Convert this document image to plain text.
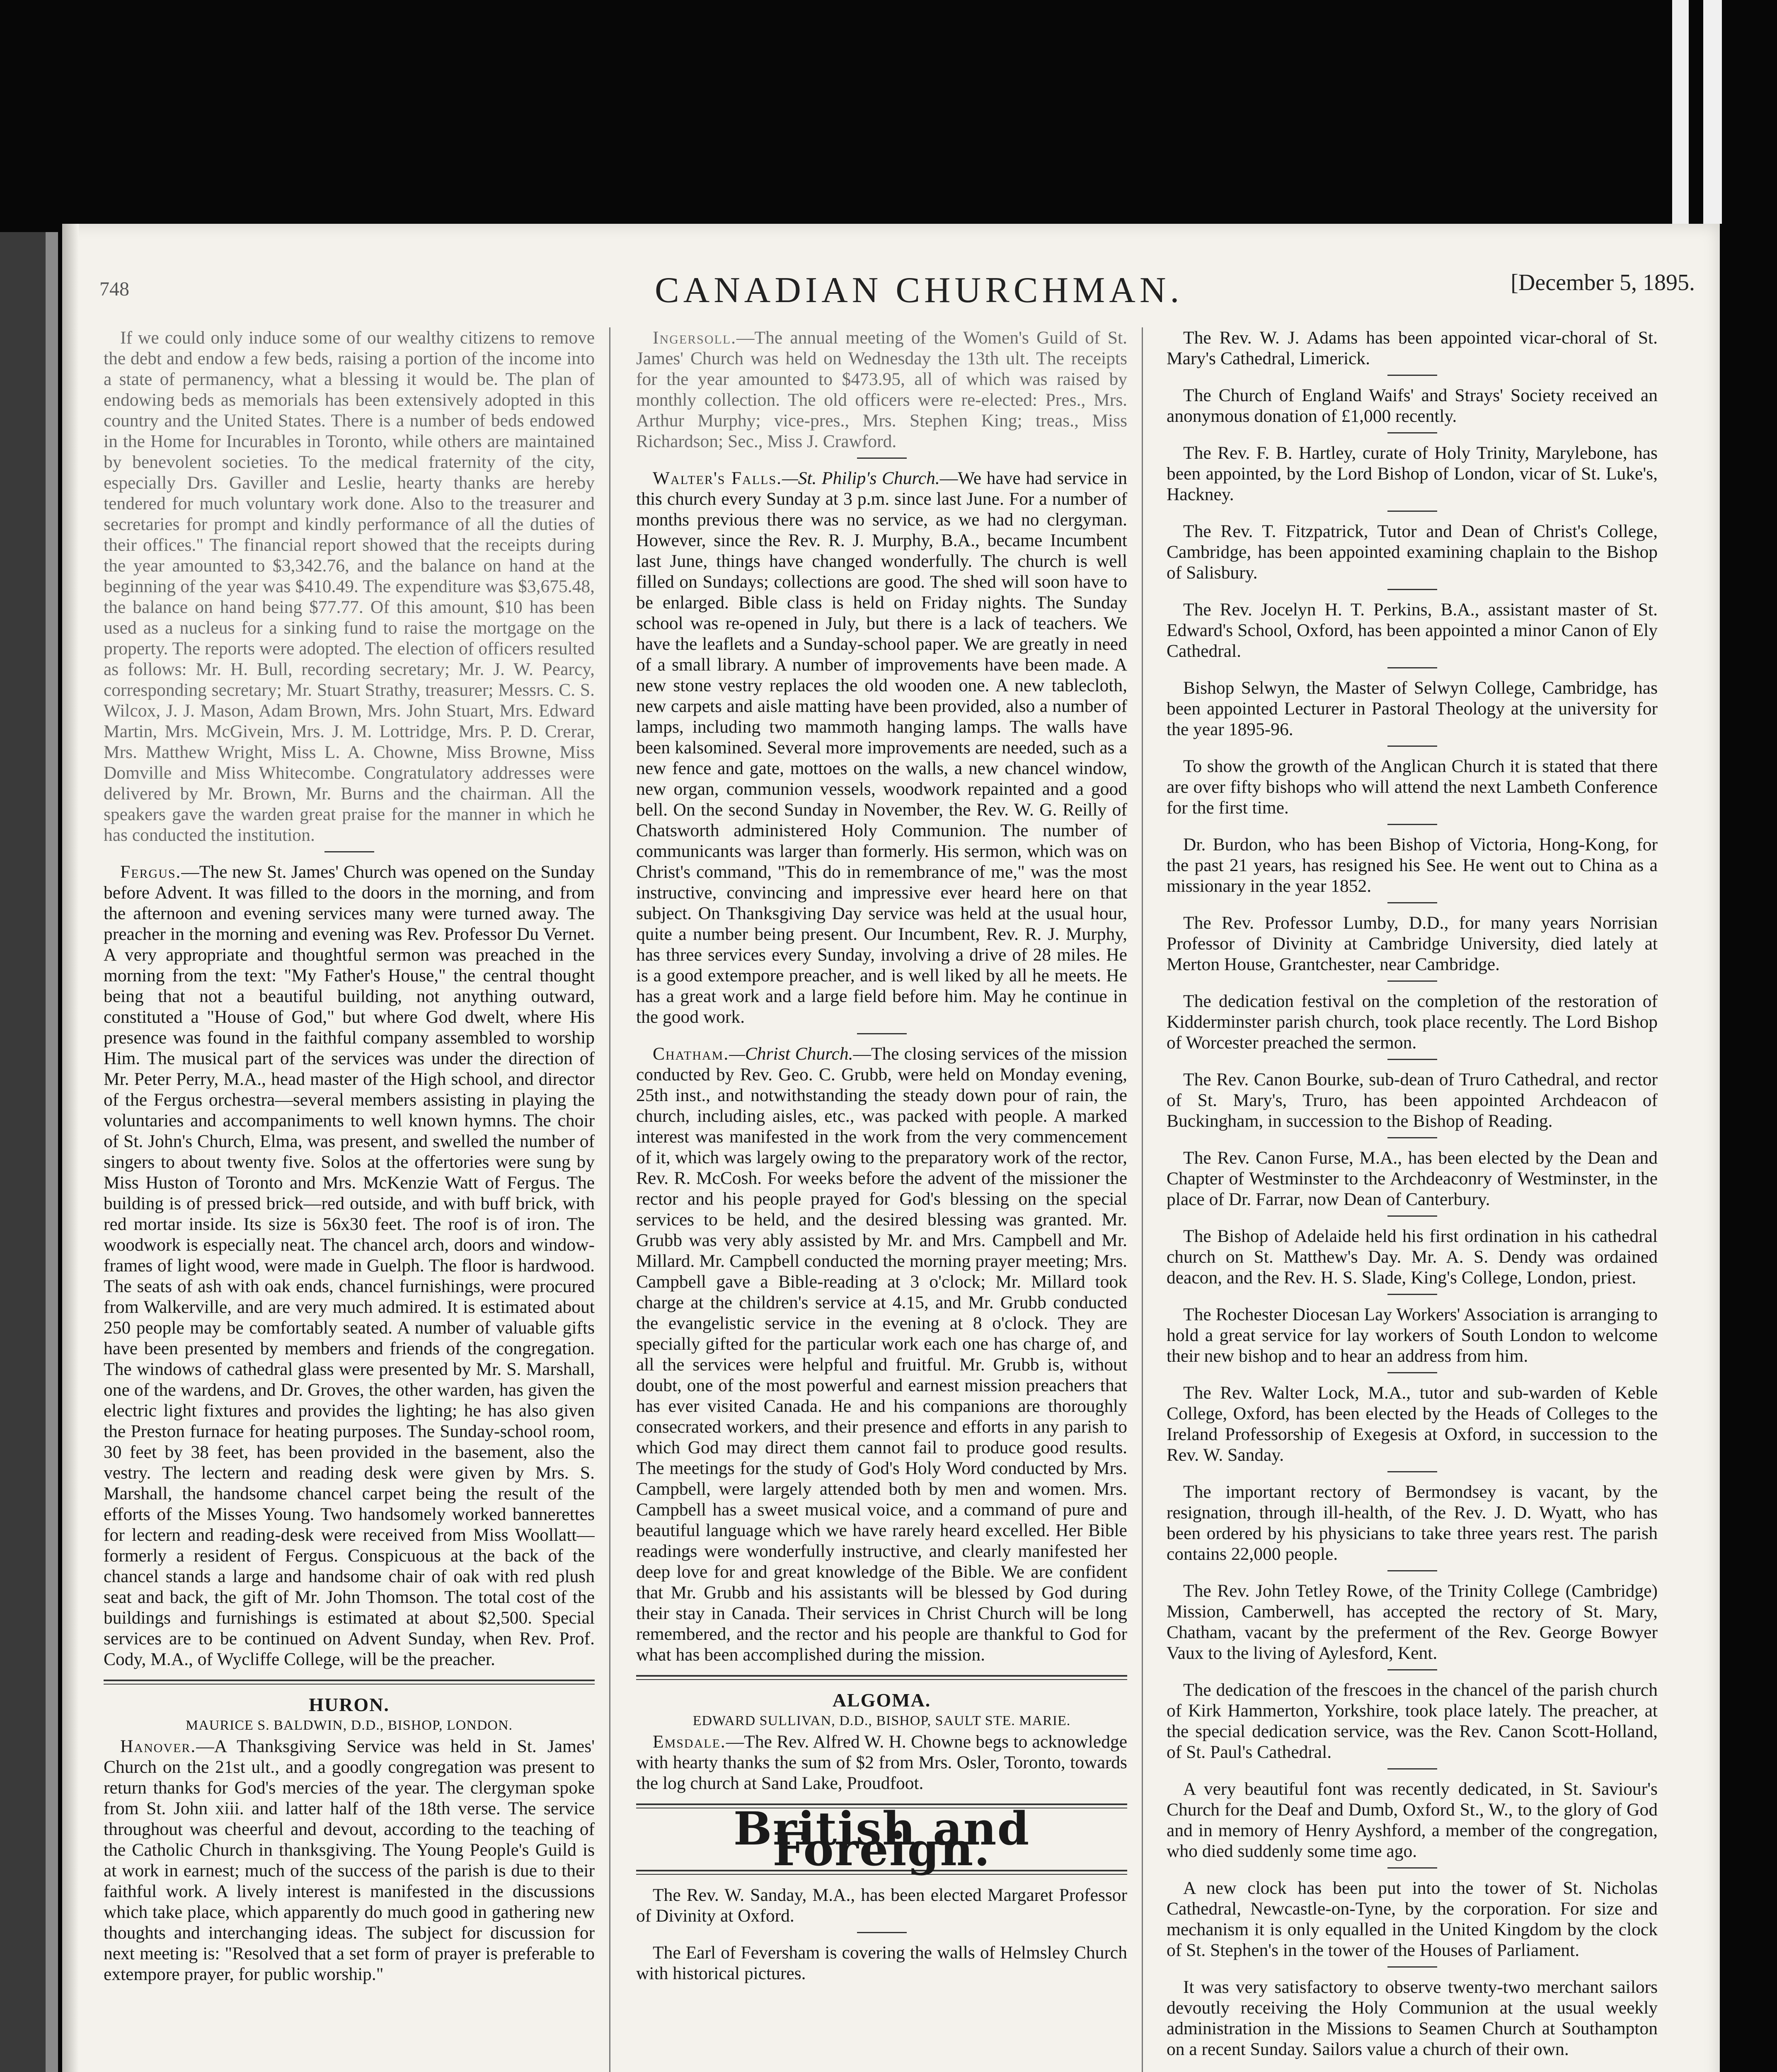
748	CANADIAN CHURCHMAN.	[December 5, 1895.

If we could only induce some of our wealthy citizens to remove the debt and endow a few beds, raising a portion of the income into a state of permanency, what a blessing it would be. The plan of endowing beds as memorials has been extensively adopted in this country and the United States. There is a number of beds endowed in the Home for Incurables in Toronto, while others are maintained by benevolent societies. To the medical fraternity of the city, especially Drs. Gaviller and Leslie, hearty thanks are hereby tendered for much voluntary work done. Also to the treasurer and secretaries for prompt and kindly performance of all the duties of their offices." The financial report showed that the receipts during the year amounted to $3,342.76, and the balance on hand at the beginning of the year was $410.49. The expenditure was $3,675.48, the balance on hand being $77.77. Of this amount, $10 has been used as a nucleus for a sinking fund to raise the mortgage on the property. The reports were adopted. The election of officers resulted as follows: Mr. H. Bull, recording secretary; Mr. J. W. Pearcy, corresponding secretary; Mr. Stuart Strathy, treasurer; Messrs. C. S. Wilcox, J. J. Mason, Adam Brown, Mrs. John Stuart, Mrs. Edward Martin, Mrs. McGivein, Mrs. J. M. Lottridge, Mrs. P. D. Crerar, Mrs. Matthew Wright, Miss L. A. Chowne, Miss Browne, Miss Domville and Miss Whitecombe. Congratulatory addresses were delivered by Mr. Brown, Mr. Burns and the chairman. All the speakers gave the warden great praise for the manner in which he has conducted the institution.

Fergus.—The new St. James' Church was opened on the Sunday before Advent. It was filled to the doors in the morning, and from the afternoon and evening services many were turned away. The preacher in the morning and evening was Rev. Professor Du Vernet. A very appropriate and thoughtful sermon was preached in the morning from the text: "My Father's House," the central thought being that not a beautiful building, not anything outward, constituted a "House of God," but where God dwelt, where His presence was found in the faithful company assembled to worship Him. The musical part of the services was under the direction of Mr. Peter Perry, M.A., head master of the High school, and director of the Fergus orchestra—several members assisting in playing the voluntaries and accompaniments to well known hymns. The choir of St. John's Church, Elma, was present, and swelled the number of singers to about twenty five. Solos at the offertories were sung by Miss Huston of Toronto and Mrs. McKenzie Watt of Fergus. The building is of pressed brick—red outside, and with buff brick, with red mortar inside. Its size is 56x30 feet. The roof is of iron. The woodwork is especially neat. The chancel arch, doors and window-frames of light wood, were made in Guelph. The floor is hardwood. The seats of ash with oak ends, chancel furnishings, were procured from Walkerville, and are very much admired. It is estimated about 250 people may be comfortably seated. A number of valuable gifts have been presented by members and friends of the congregation. The windows of cathedral glass were presented by Mr. S. Marshall, one of the wardens, and Dr. Groves, the other warden, has given the electric light fixtures and provides the lighting; he has also given the Preston furnace for heating purposes. The Sunday-school room, 30 feet by 38 feet, has been provided in the basement, also the vestry. The lectern and reading desk were given by Mrs. S. Marshall, the handsome chancel carpet being the result of the efforts of the Misses Young. Two handsomely worked bannerettes for lectern and reading-desk were received from Miss Woollatt—formerly a resident of Fergus. Conspicuous at the back of the chancel stands a large and handsome chair of oak with red plush seat and back, the gift of Mr. John Thomson. The total cost of the buildings and furnishings is estimated at about $2,500. Special services are to be continued on Advent Sunday, when Rev. Prof. Cody, M.A., of Wycliffe College, will be the preacher.

HURON.

MAURICE S. BALDWIN, D.D., BISHOP, LONDON.

Hanover.—A Thanksgiving Service was held in St. James' Church on the 21st ult., and a goodly congregation was present to return thanks for God's mercies of the year. The clergyman spoke from St. John xiii. and latter half of the 18th verse. The service throughout was cheerful and devout, according to the teaching of the Catholic Church in thanksgiving. The Young People's Guild is at work in earnest; much of the success of the parish is due to their faithful work. A lively interest is manifested in the discussions which take place, which apparently do much good in gathering new thoughts and interchanging ideas. The subject for discussion for next meeting is: "Resolved that a set form of prayer is preferable to extempore prayer, for public worship."

Ingersoll.—The annual meeting of the Women's Guild of St. James' Church was held on Wednesday the 13th ult. The receipts for the year amounted to $473.95, all of which was raised by monthly collection. The old officers were re-elected: Pres., Mrs. Arthur Murphy; vice-pres., Mrs. Stephen King; treas., Miss Richardson; Sec., Miss J. Crawford.

Walter's Falls.—St. Philip's Church.—We have had service in this church every Sunday at 3 p.m. since last June. For a number of months previous there was no service, as we had no clergyman. However, since the Rev. R. J. Murphy, B.A., became Incumbent last June, things have changed wonderfully. The church is well filled on Sundays; collections are good. The shed will soon have to be enlarged. Bible class is held on Friday nights. The Sunday school was re-opened in July, but there is a lack of teachers. We have the leaflets and a Sunday-school paper. We are greatly in need of a small library. A number of improvements have been made. A new stone vestry replaces the old wooden one. A new tablecloth, new carpets and aisle matting have been provided, also a number of lamps, including two mammoth hanging lamps. The walls have been kalsomined. Several more improvements are needed, such as a new fence and gate, mottoes on the walls, a new chancel window, new organ, communion vessels, woodwork repainted and a good bell. On the second Sunday in November, the Rev. W. G. Reilly of Chatsworth administered Holy Communion. The number of communicants was larger than formerly. His sermon, which was on Christ's command, "This do in remembrance of me," was the most instructive, convincing and impressive ever heard here on that subject. On Thanksgiving Day service was held at the usual hour, quite a number being present. Our Incumbent, Rev. R. J. Murphy, has three services every Sunday, involving a drive of 28 miles. He is a good extempore preacher, and is well liked by all he meets. He has a great work and a large field before him. May he continue in the good work.

Chatham.—Christ Church.—The closing services of the mission conducted by Rev. Geo. C. Grubb, were held on Monday evening, 25th inst., and notwithstanding the steady down pour of rain, the church, including aisles, etc., was packed with people. A marked interest was manifested in the work from the very commencement of it, which was largely owing to the preparatory work of the rector, Rev. R. McCosh. For weeks before the advent of the missioner the rector and his people prayed for God's blessing on the special services to be held, and the desired blessing was granted. Mr. Grubb was very ably assisted by Mr. and Mrs. Campbell and Mr. Millard. Mr. Campbell conducted the morning prayer meeting; Mrs. Campbell gave a Bible-reading at 3 o'clock; Mr. Millard took charge at the children's service at 4.15, and Mr. Grubb conducted the evangelistic service in the evening at 8 o'clock. They are specially gifted for the particular work each one has charge of, and all the services were helpful and fruitful. Mr. Grubb is, without doubt, one of the most powerful and earnest mission preachers that has ever visited Canada. He and his companions are thoroughly consecrated workers, and their presence and efforts in any parish to which God may direct them cannot fail to produce good results. The meetings for the study of God's Holy Word conducted by Mrs. Campbell, were largely attended both by men and women. Mrs. Campbell has a sweet musical voice, and a command of pure and beautiful language which we have rarely heard excelled. Her Bible readings were wonderfully instructive, and clearly manifested her deep love for and great knowledge of the Bible. We are confident that Mr. Grubb and his assistants will be blessed by God during their stay in Canada. Their services in Christ Church will be long remembered, and the rector and his people are thankful to God for what has been accomplished during the mission.

ALGOMA.

EDWARD SULLIVAN, D.D., BISHOP, SAULT STE. MARIE.

Emsdale.—The Rev. Alfred W. H. Chowne begs to acknowledge with hearty thanks the sum of $2 from Mrs. Osler, Toronto, towards the log church at Sand Lake, Proudfoot.

British and Foreign.

The Rev. W. Sanday, M.A., has been elected Margaret Professor of Divinity at Oxford.

The Earl of Feversham is covering the walls of Helmsley Church with historical pictures.

The Rev. W. J. Adams has been appointed vicar-choral of St. Mary's Cathedral, Limerick.

The Church of England Waifs' and Strays' Society received an anonymous donation of £1,000 recently.

The Rev. F. B. Hartley, curate of Holy Trinity, Marylebone, has been appointed, by the Lord Bishop of London, vicar of St. Luke's, Hackney.

The Rev. T. Fitzpatrick, Tutor and Dean of Christ's College, Cambridge, has been appointed examining chaplain to the Bishop of Salisbury.

The Rev. Jocelyn H. T. Perkins, B.A., assistant master of St. Edward's School, Oxford, has been appointed a minor Canon of Ely Cathedral.

Bishop Selwyn, the Master of Selwyn College, Cambridge, has been appointed Lecturer in Pastoral Theology at the university for the year 1895-96.

To show the growth of the Anglican Church it is stated that there are over fifty bishops who will attend the next Lambeth Conference for the first time.

Dr. Burdon, who has been Bishop of Victoria, Hong-Kong, for the past 21 years, has resigned his See. He went out to China as a missionary in the year 1852.

The Rev. Professor Lumby, D.D., for many years Norrisian Professor of Divinity at Cambridge University, died lately at Merton House, Grantchester, near Cambridge.

The dedication festival on the completion of the restoration of Kidderminster parish church, took place recently. The Lord Bishop of Worcester preached the sermon.

The Rev. Canon Bourke, sub-dean of Truro Cathedral, and rector of St. Mary's, Truro, has been appointed Archdeacon of Buckingham, in succession to the Bishop of Reading.

The Rev. Canon Furse, M.A., has been elected by the Dean and Chapter of Westminster to the Archdeaconry of Westminster, in the place of Dr. Farrar, now Dean of Canterbury.

The Bishop of Adelaide held his first ordination in his cathedral church on St. Matthew's Day. Mr. A. S. Dendy was ordained deacon, and the Rev. H. S. Slade, King's College, London, priest.

The Rochester Diocesan Lay Workers' Association is arranging to hold a great service for lay workers of South London to welcome their new bishop and to hear an address from him.

The Rev. Walter Lock, M.A., tutor and sub-warden of Keble College, Oxford, has been elected by the Heads of Colleges to the Ireland Professorship of Exegesis at Oxford, in succession to the Rev. W. Sanday.

The important rectory of Bermondsey is vacant, by the resignation, through ill-health, of the Rev. J. D. Wyatt, who has been ordered by his physicians to take three years rest. The parish contains 22,000 people.

The Rev. John Tetley Rowe, of the Trinity College (Cambridge) Mission, Camberwell, has accepted the rectory of St. Mary, Chatham, vacant by the preferment of the Rev. George Bowyer Vaux to the living of Aylesford, Kent.

The dedication of the frescoes in the chancel of the parish church of Kirk Hammerton, Yorkshire, took place lately. The preacher, at the special dedication service, was the Rev. Canon Scott-Holland, of St. Paul's Cathedral.

A very beautiful font was recently dedicated, in St. Saviour's Church for the Deaf and Dumb, Oxford St., W., to the glory of God and in memory of Henry Ayshford, a member of the congregation, who died suddenly some time ago.

A new clock has been put into the tower of St. Nicholas Cathedral, Newcastle-on-Tyne, by the corporation. For size and mechanism it is only equalled in the United Kingdom by the clock of St. Stephen's in the tower of the Houses of Parliament.

It was very satisfactory to observe twenty-two merchant sailors devoutly receiving the Holy Communion at the usual weekly administration in the Missions to Seamen Church at Southampton on a recent Sunday. Sailors value a church of their own.
